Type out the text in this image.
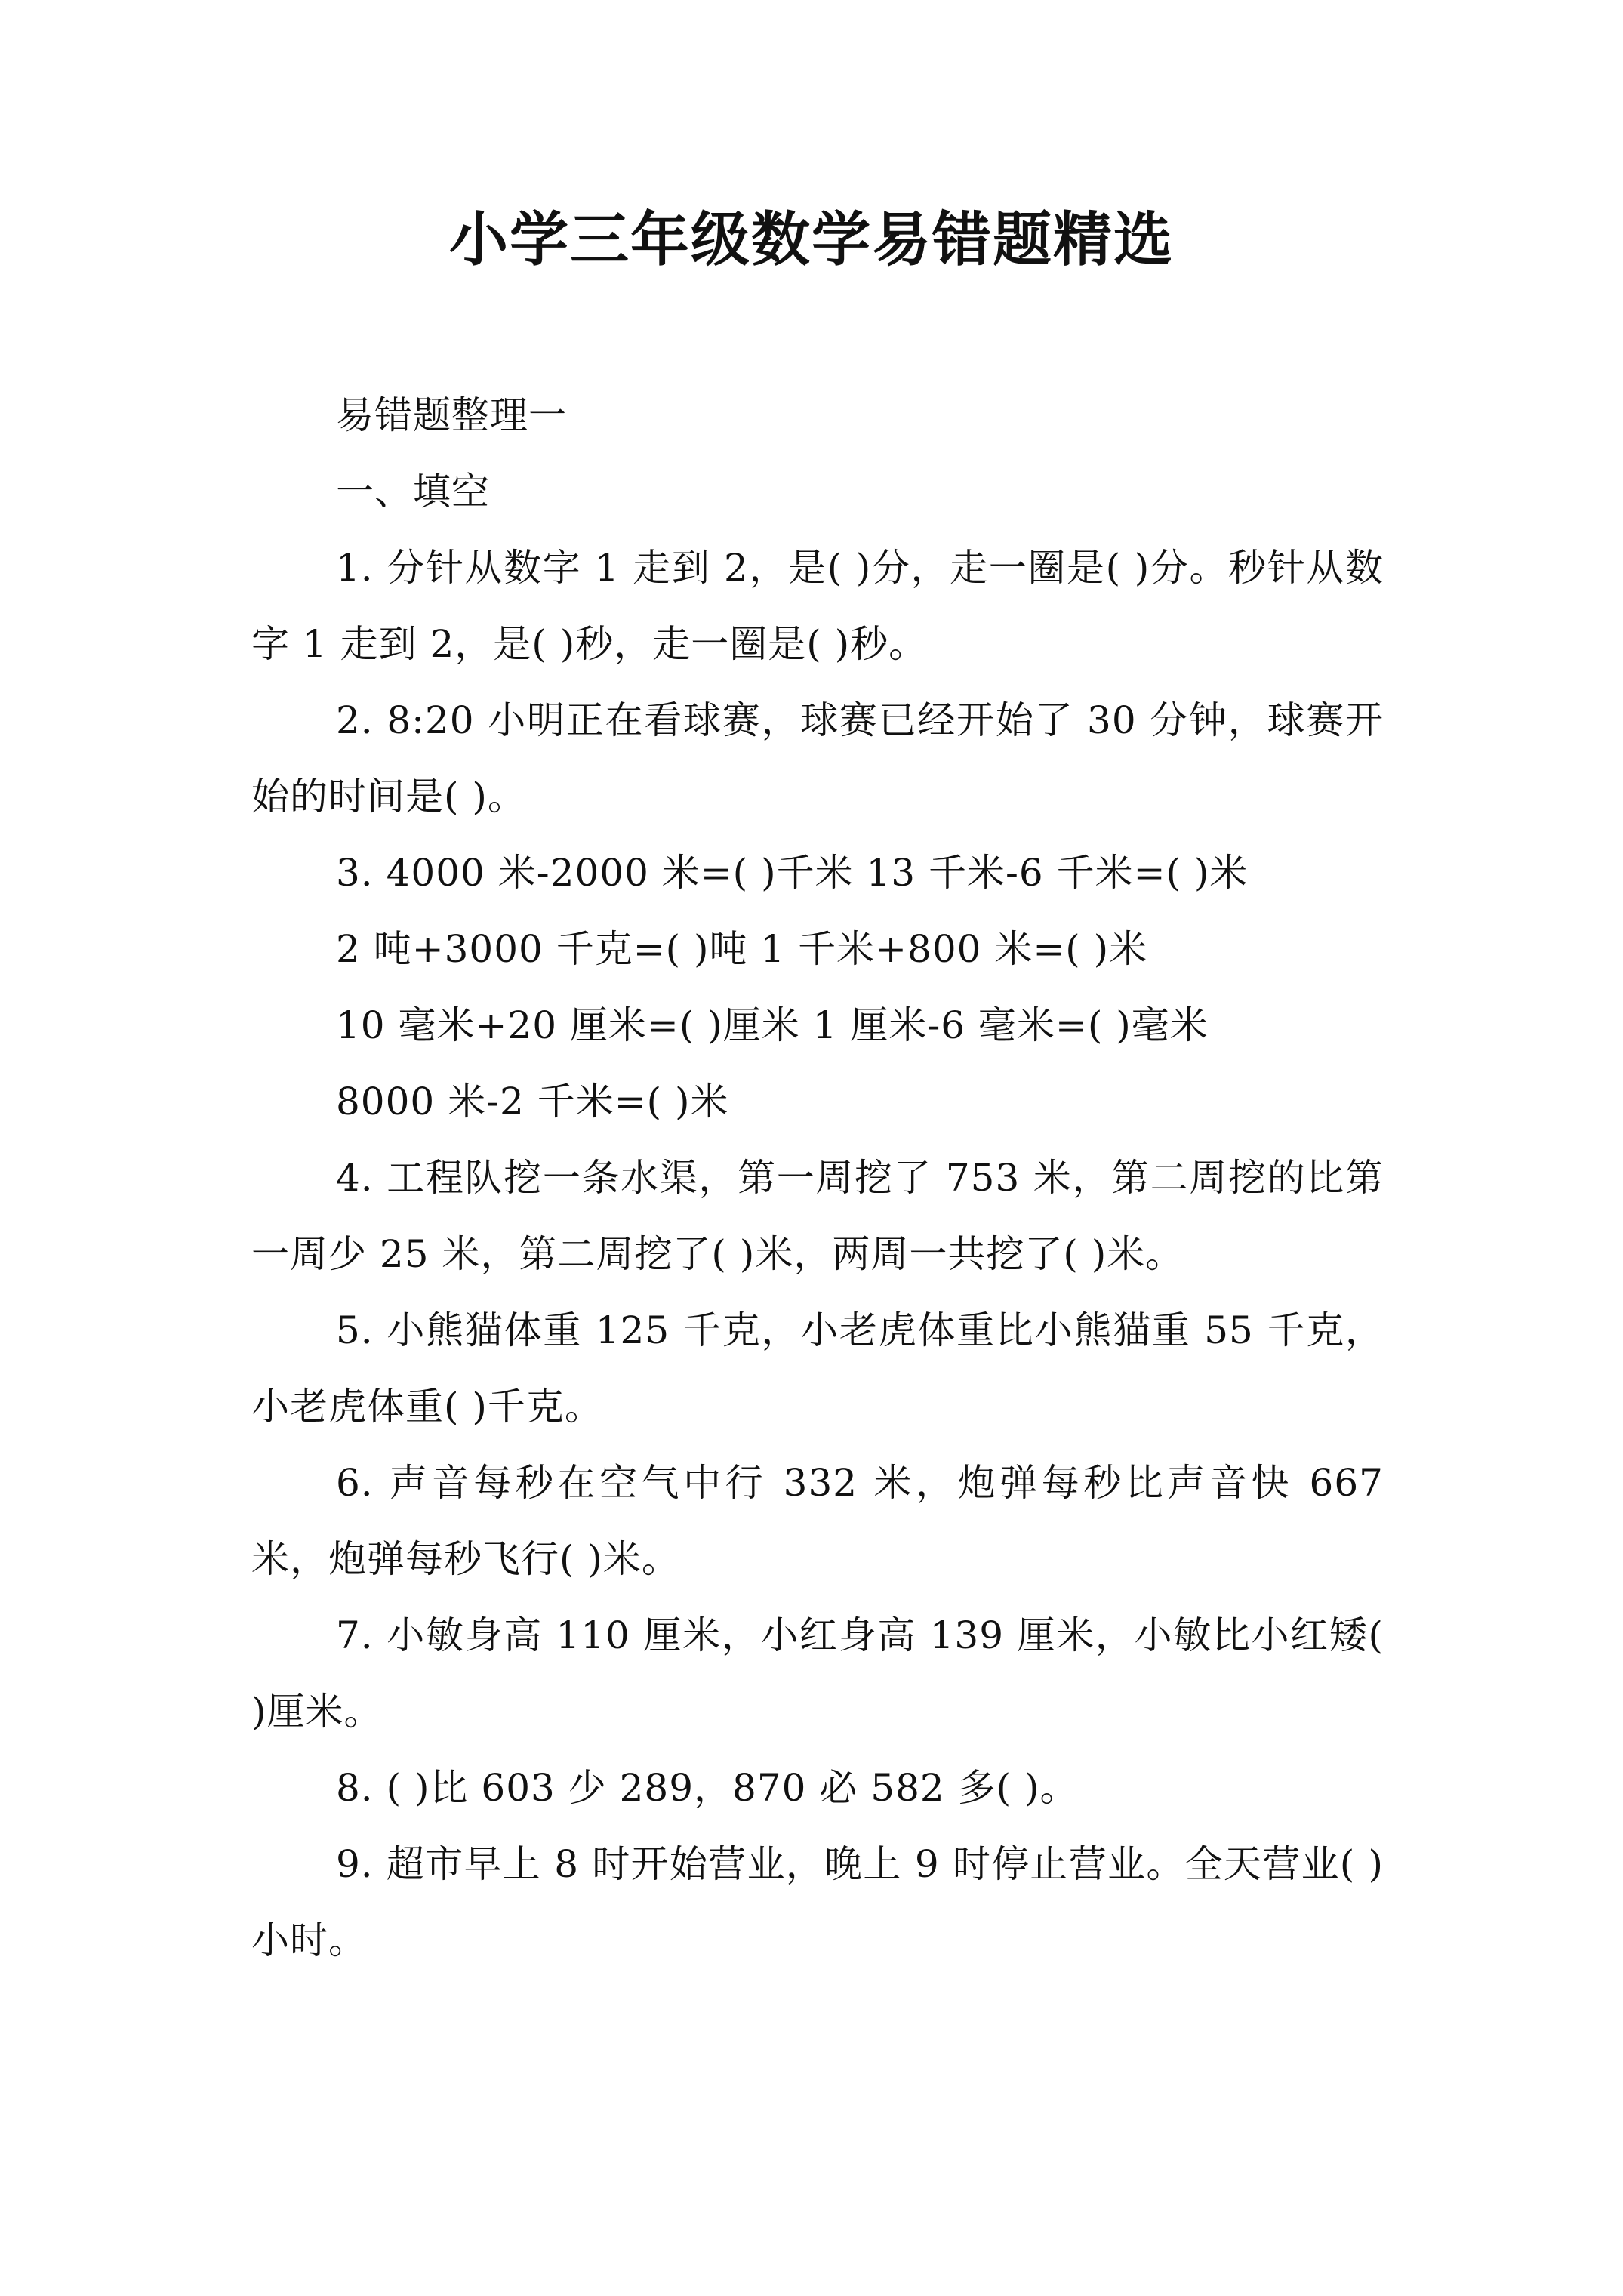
小学三年级数学易错题精选

易错题整理一

一、填空

1. 分针从数字 1 走到 2，是( )分，走一圈是( )分。秒针从数字 1 走到 2，是( )秒，走一圈是( )秒。

2. 8:20 小明正在看球赛，球赛已经开始了 30 分钟，球赛开始的时间是( )。

3. 4000 米-2000 米=( )千米 13 千米-6 千米=( )米

2 吨+3000 千克=( )吨 1 千米+800 米=( )米

10 毫米+20 厘米=( )厘米 1 厘米-6 毫米=( )毫米

8000 米-2 千米=( )米

4. 工程队挖一条水渠，第一周挖了 753 米，第二周挖的比第一周少 25 米，第二周挖了( )米，两周一共挖了( )米。

5. 小熊猫体重 125 千克，小老虎体重比小熊猫重 55 千克，小老虎体重( )千克。

6. 声音每秒在空气中行 332 米，炮弹每秒比声音快 667 米，炮弹每秒飞行( )米。

7. 小敏身高 110 厘米，小红身高 139 厘米，小敏比小红矮( )厘米。

8. ( )比 603 少 289，870 必 582 多( )。

9. 超市早上 8 时开始营业，晚上 9 时停止营业。全天营业( )小时。
